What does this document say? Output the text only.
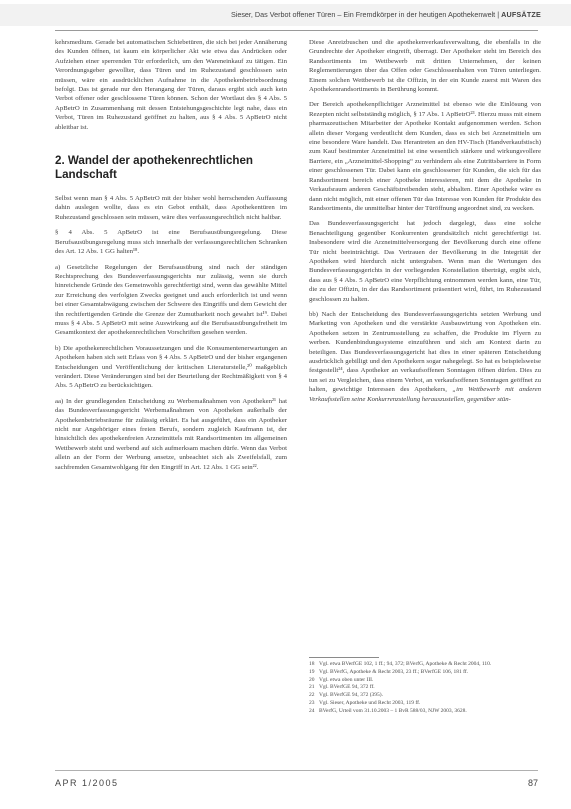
Sieser, Das Verbot offener Türen – Ein Fremdkörper in der heutigen Apothekenwelt | AUFSÄTZE

kehrsmedium. Gerade bei automatischen Schiebetüren, die sich bei jeder Annäherung des Kunden öffnen, ist kaum ein körperlicher Akt wie etwa das Andrücken oder Aufziehen einer sperrenden Tür erforderlich, um den Wareneinkauf zu tätigen. Ein Verordnungsgeber gewollter, dass Türen und im Ruhezustand geschlossen sein müssen, wäre ein ausdrücklichen Aufnahme in die Apothekenbetriebsordnung befolgt. Das ist gerade nur den Herangang der Türen, daraus ergibt sich auch kein Verbot offener oder geschlossene Türen können. Schon der Wortlaut des § 4 Abs. 5 ApBetrO in Zusammenhang mit dessen Entstehungsgeschichte legt nahe, dass ein Verbot, Türen im Ruhezustand geöffnet zu halten, aus § 4 Abs. 5 ApBetrO nicht ableitbar ist.

2. Wandel der apothekenrechtlichen Landschaft

Selbst wenn man § 4 Abs. 5 ApBetrO mit der bisher wohl herrschenden Auffassung dahin auslegen wollte, dass es ein Gebot enthält, dass Apothekentüren im Ruhezustand geschlossen sein müssen, wäre dies verfassungsrechtlich nicht haltbar.

§ 4 Abs. 5 ApBetrO ist eine Berufsausübungsregelung. Diese Berufsausübungsregelung muss sich innerhalb der verfassungsrechtlichen Schranken des Art. 12 Abs. 1 GG halten¹⁸.

a) Gesetzliche Regelungen der Berufsausübung sind nach der ständigen Rechtsprechung des Bundesverfassungsgerichts nur zulässig, wenn sie durch hinreichende Gründe des Gemeinwohls gerechtfertigt sind, wenn das gewählte Mittel zur Erreichung des verfolgten Zwecks geeignet und auch erforderlich ist und wenn bei einer Gesamtabwägung zwischen der Schwere des Eingriffs und dem Gewicht der ihn rechtfertigenden Gründe die Grenze der Zumutbarkeit noch gewahrt ist¹⁹. Dabei muss § 4 Abs. 5 ApBetrO mit seine Auswirkung auf die Berufsausübungsfreiheit im Gesamtkontext der apothekenrechtlichen Vorschriften gesehen werden.

b) Die apothekenrechtlichen Voraussetzungen und die Konsumentenerwartungen an Apotheken haben sich seit Erlass von § 4 Abs. 5 ApBetrO und der bisher ergangenen Entscheidungen und Veröffentlichung der kritischen Literaturstelle,²⁰ maßgeblich verändert. Diese Veränderungen sind bei der Beurteilung der Rechtmäßigkeit von § 4 Abs. 5 ApBetrO zu berücksichtigen.

aa) In der grundlegenden Entscheidung zu Werbemaßnahmen von Apotheken²¹ hat das Bundesverfassungsgericht Werbemaßnahmen von Apotheken außerhalb der Apothekenbetriebsräume für zulässig erklärt. Es hat ausgeführt, dass ein Apotheker nicht nur Angehöriger eines freien Berufs, sondern zugleich Kaufmann ist, der hinsichtlich des apothekenfreien Arzneimittels mit Randsortimenten im allgemeinen Wettbewerb steht und werbend auf sich aufmerksam machen dürfe. Wenn das Verbot allein an der Form der Werbung ansetze, unbeachtet sich als Zweifelsfall, zum sachfremden Gesamtwohlgang für den Eingriff in Art. 12 Abs. 1 GG sein²².

Diese Anreizbuschen und die apothekenverkaufsverwaltung, die ebenfalls in die Grundrechte der Apotheker eingreift, überragt. Der Apotheker steht im Bereich des Randsortiments im Wettbewerb mit dritten Unternehmen, der keinen Reglementierungen über das Offen oder Geschlossenhalten von Türen unterliegen. Einem solchen Wettbewerb ist die Offizin, in der ein Kunde zuerst mit Waren des Apothekenrandsortiments in Berührung kommt.

Der Bereich apothekenpflichtiger Arzneimittel ist ebenso wie die Einlösung von Rezepten nicht selbstständig möglich, § 17 Abs. 1 ApBetrO²³. Hierzu muss mit einem pharmazeutischen Mitarbeiter der Apotheke Kontakt aufgenommen werden. Schon allein dieser Vorgang verdeutlicht dem Kunden, dass es sich bei Arzneimitteln um eine besondere Ware handelt. Das Herantreten an den HV-Tisch (Handverkaufstisch) zum Kauf bestimmter Arzneimittel ist eine wesentlich stärkere und wirkungsvollere Barriere, ein „Arzneimittel-Shopping“ zu verhindern als eine Zutrittsbarriere in Form einer geschlossenen Tür. Dabei kann ein geschlossener für Kunden, die sich für das Randsortiment bereich einer Apotheke interessieren, mit dem die Apotheke in Verkaufsraum anderen Geschäftstreibenden steht, abhalten. Einer Apotheke wäre es dann nicht möglich, mit einer offenen Tür das Interesse von Kunden für Produkte des Randsortiments, die unmittelbar hinter der Türöffnung angeordnet sind, zu wecken.

Das Bundesverfassungsgericht hat jedoch dargelegt, dass eine solche Benachteiligung gegenüber Konkurrenten grundsätzlich nicht gerechtfertigt ist. Insbesondere wird die Arzneimittelversorgung der Bevölkerung durch eine offene Tür nicht beeinträchtigt. Das Vertrauen der Bevölkerung in die Integrität der Apotheken wird hierdurch nicht untergraben. Wenn man die Wertungen des Bundesverfassungsgerichts in der vorliegenden Konstellation überträgt, ergibt sich, dass aus § 4 Abs. 5 ApBetrO eine Verpflichtung entnommen werden kann, eine Tür, die zu der Offizin, in der das Randsortiment präsentiert wird, führt, im Ruhezustand geschlossen zu halten.

bb) Nach der Entscheidung des Bundesverfassungsgerichts setzten Werbung und Marketing von Apotheken und die verstärkte Ausbauwirtung von Apotheken ein. Apotheken setzen in Zentrumsstellung zu schaffen, die Produkte im Flyern zu werben. Kundenbindungssysteme einzuführen und sich am Kontext darin zu beteiligen. Das Bundesverfassungsgericht hat dies in einer späteren Entscheidung ausdrücklich gebilligt und den Apothekern sogar nahegelegt. So hat es beispielsweise festgestellt²⁴, dass Apotheker an verkaufsoffenen Sonntagen öffnen dürfen. Dies zu tun sei zu Vergleichen, dass einem Verbot, an verkaufsoffenen Sonntagen geöffnet zu halten, gewichtige Interessen des Apothekers, „im Wettbewerb mit anderen Verkaufsstellen seine Konkurrenzstellung herauszustellen, gegenüber stün-

18 Vgl. etwa BVerfGE 102, 1 ff.; 94, 372; BVerfG, Apotheke & Recht 2004, 110.
19 Vgl. BVerfG, Apotheke & Recht 2003, 23 ff.; BVerfGE 106, 181 ff.
20 Vgl. etwa oben unter III.
21 Vgl. BVerfGE 94, 372 ff.
22 Vgl. BVerfGE 94, 372 (395).
23 Vgl. Sieser, Apotheke und Recht 2003, 119 ff.
24 BVerfG, Urteil vom 31.10.2003 – 1 BvR 588/03, NJW 2003, 3628.
APR 1/2005	87
